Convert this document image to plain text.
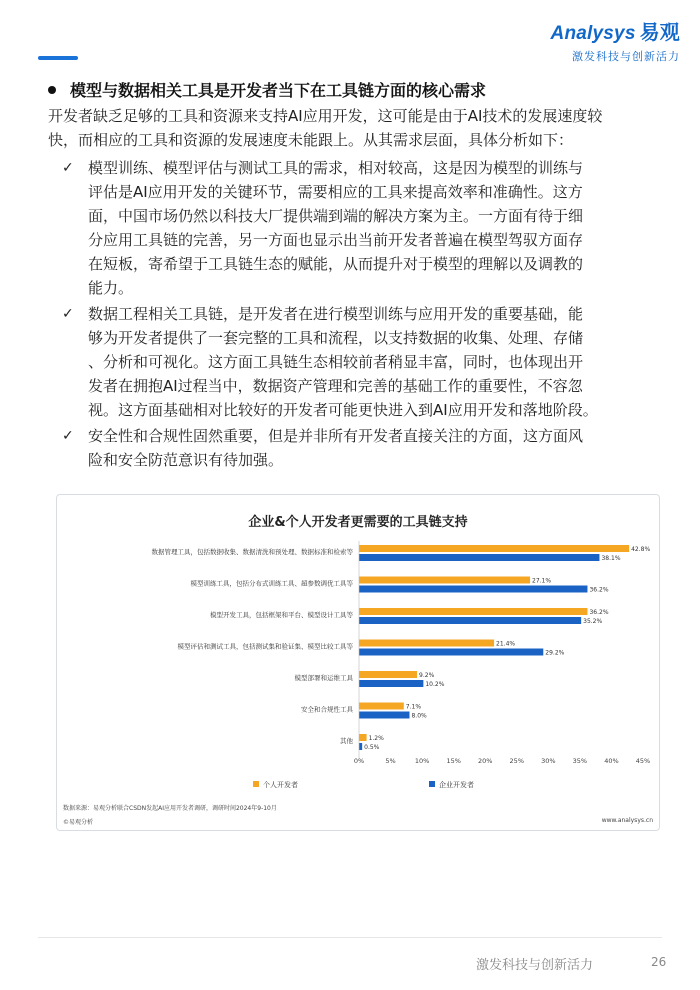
Analysys 易观
激发科技与创新活力
模型与数据相关工具是开发者当下在工具链方面的核心需求
开发者缺乏足够的工具和资源来支持AI应用开发，这可能是由于AI技术的发展速度较
快，而相应的工具和资源的发展速度未能跟上。从其需求层面，具体分析如下：
✓ 模型训练、模型评估与测试工具的需求，相对较高，这是因为模型的训练与
评估是AI应用开发的关键环节，需要相应的工具来提高效率和准确性。这方
面，中国市场仍然以科技大厂提供端到端的解决方案为主。一方面有待于细
分应用工具链的完善，另一方面也显示出当前开发者普遍在模型驾驭方面存
在短板，寄希望于工具链生态的赋能，从而提升对于模型的理解以及调教的
能力。
✓ 数据工程相关工具链，是开发者在进行模型训练与应用开发的重要基础，能
够为开发者提供了一套完整的工具和流程，以支持数据的收集、处理、存储
、分析和可视化。这方面工具链生态相较前者稍显丰富，同时，也体现出开
发者在拥抱AI过程当中，数据资产管理和完善的基础工作的重要性，不容忽
视。这方面基础相对比较好的开发者可能更快进入到AI应用开发和落地阶段。
✓ 安全性和合规性固然重要，但是并非所有开发者直接关注的方面，这方面风
险和安全防范意识有待加强。
企业&个人开发者更需要的工具链支持
数据管理工具，包括数据收集、数据清洗和预处理、数据标准和检索等	42.8%
38.1%
模型训练工具，包括分布式训练工具、超参数调优工具等	27.1%
36.2%
模型开发工具，包括框架和平台、模型设计工具等	36.2%
35.2%
模型评估和测试工具，包括测试集和验证集、模型比较工具等	21.4%
29.2%
模型部署和运维工具	9.2%
10.2%
安全和合规性工具	7.1%
8.0%
其他	1.2%
0.5%
0%	5%	10%	15%	20%	25%	30%	35%	40%	45%
个人开发者	企业开发者
数据来源：易观分析联合CSDN发起AI应用开发者调研，调研时间2024年9-10月
©易观分析	www.analysys.cn
激发科技与创新活力	26
